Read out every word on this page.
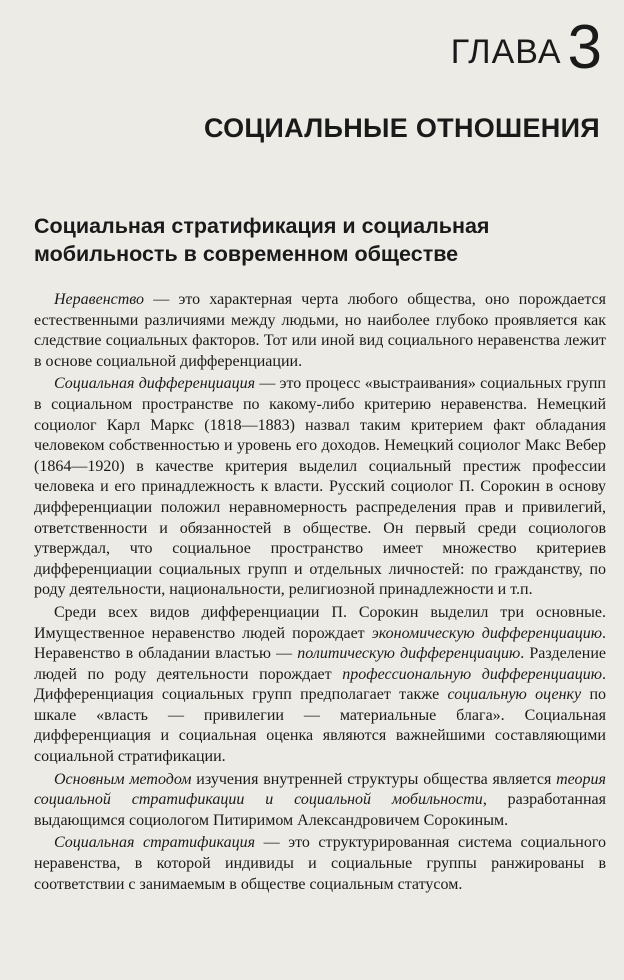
ГЛАВА 3
СОЦИАЛЬНЫЕ ОТНОШЕНИЯ
Социальная стратификация и социальная мобильность в современном обществе

Неравенство — это характерная черта любого общества, оно порождается естественными различиями между людьми, но наиболее глубоко проявляется как следствие социальных факторов. Тот или иной вид социального неравенства лежит в основе социальной дифференциации.

Социальная дифференциация — это процесс «выстраивания» социальных групп в социальном пространстве по какому-либо критерию неравенства. Немецкий социолог Карл Маркс (1818—1883) назвал таким критерием факт обладания человеком собственностью и уровень его доходов. Немецкий социолог Макс Вебер (1864—1920) в качестве критерия выделил социальный престиж профессии человека и его принадлежность к власти. Русский социолог П. Сорокин в основу дифференциации положил неравномерность распределения прав и привилегий, ответственности и обязанностей в обществе. Он первый среди социологов утверждал, что социальное пространство имеет множество критериев дифференциации социальных групп и отдельных личностей: по гражданству, по роду деятельности, национальности, религиозной принадлежности и т.п.

Среди всех видов дифференциации П. Сорокин выделил три основные. Имущественное неравенство людей порождает экономическую дифференциацию. Неравенство в обладании властью — политическую дифференциацию. Разделение людей по роду деятельности порождает профессиональную дифференциацию. Дифференциация социальных групп предполагает также социальную оценку по шкале «власть — привилегии — материальные блага». Социальная дифференциация и социальная оценка являются важнейшими составляющими социальной стратификации.

Основным методом изучения внутренней структуры общества является теория социальной стратификации и социальной мобильности, разработанная выдающимся социологом Питиримом Александровичем Сорокиным.

Социальная стратификация — это структурированная система социального неравенства, в которой индивиды и социальные группы ранжированы в соответствии с занимаемым в обществе социальным статусом.
